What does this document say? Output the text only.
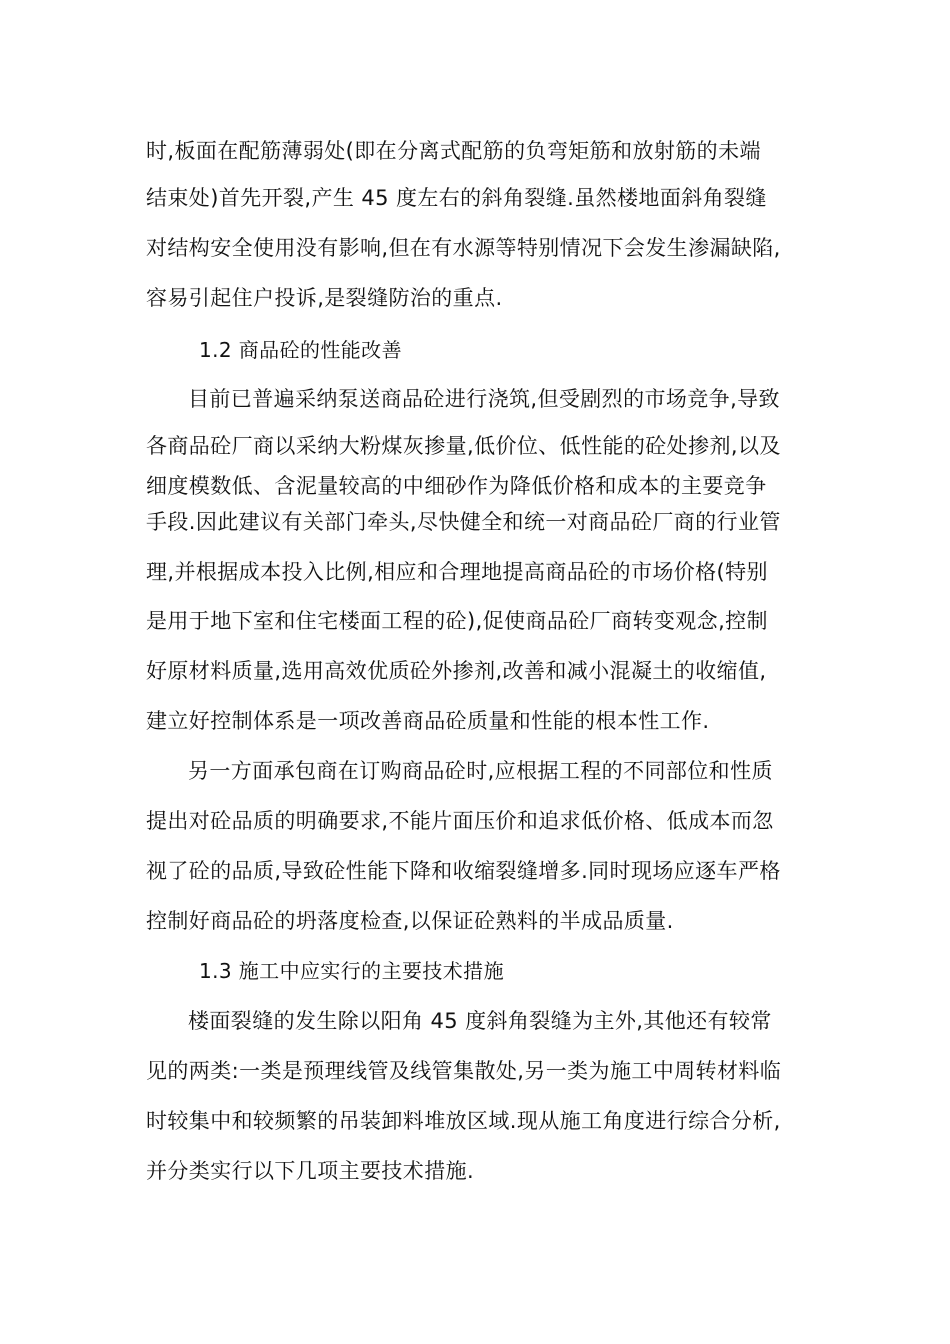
时,板面在配筋薄弱处(即在分离式配筋的负弯矩筋和放射筋的未端
结束处)首先开裂,产生 45 度左右的斜角裂缝.虽然楼地面斜角裂缝
对结构安全使用没有影响,但在有水源等特别情况下会发生渗漏缺陷,
容易引起住户投诉,是裂缝防治的重点.
1.2 商品砼的性能改善
目前已普遍采纳泵送商品砼进行浇筑,但受剧烈的市场竞争,导致
各商品砼厂商以采纳大粉煤灰掺量,低价位、低性能的砼处掺剂,以及
细度模数低、含泥量较高的中细砂作为降低价格和成本的主要竞争
手段.因此建议有关部门牵头,尽快健全和统一对商品砼厂商的行业管
理,并根据成本投入比例,相应和合理地提高商品砼的市场价格(特别
是用于地下室和住宅楼面工程的砼),促使商品砼厂商转变观念,控制
好原材料质量,选用高效优质砼外掺剂,改善和减小混凝土的收缩值,
建立好控制体系是一项改善商品砼质量和性能的根本性工作.
另一方面承包商在订购商品砼时,应根据工程的不同部位和性质
提出对砼品质的明确要求,不能片面压价和追求低价格、低成本而忽
视了砼的品质,导致砼性能下降和收缩裂缝增多.同时现场应逐车严格
控制好商品砼的坍落度检查,以保证砼熟料的半成品质量.
1.3 施工中应实行的主要技术措施
楼面裂缝的发生除以阳角 45 度斜角裂缝为主外,其他还有较常
见的两类:一类是预理线管及线管集散处,另一类为施工中周转材料临
时较集中和较频繁的吊装卸料堆放区域.现从施工角度进行综合分析,
并分类实行以下几项主要技术措施.
